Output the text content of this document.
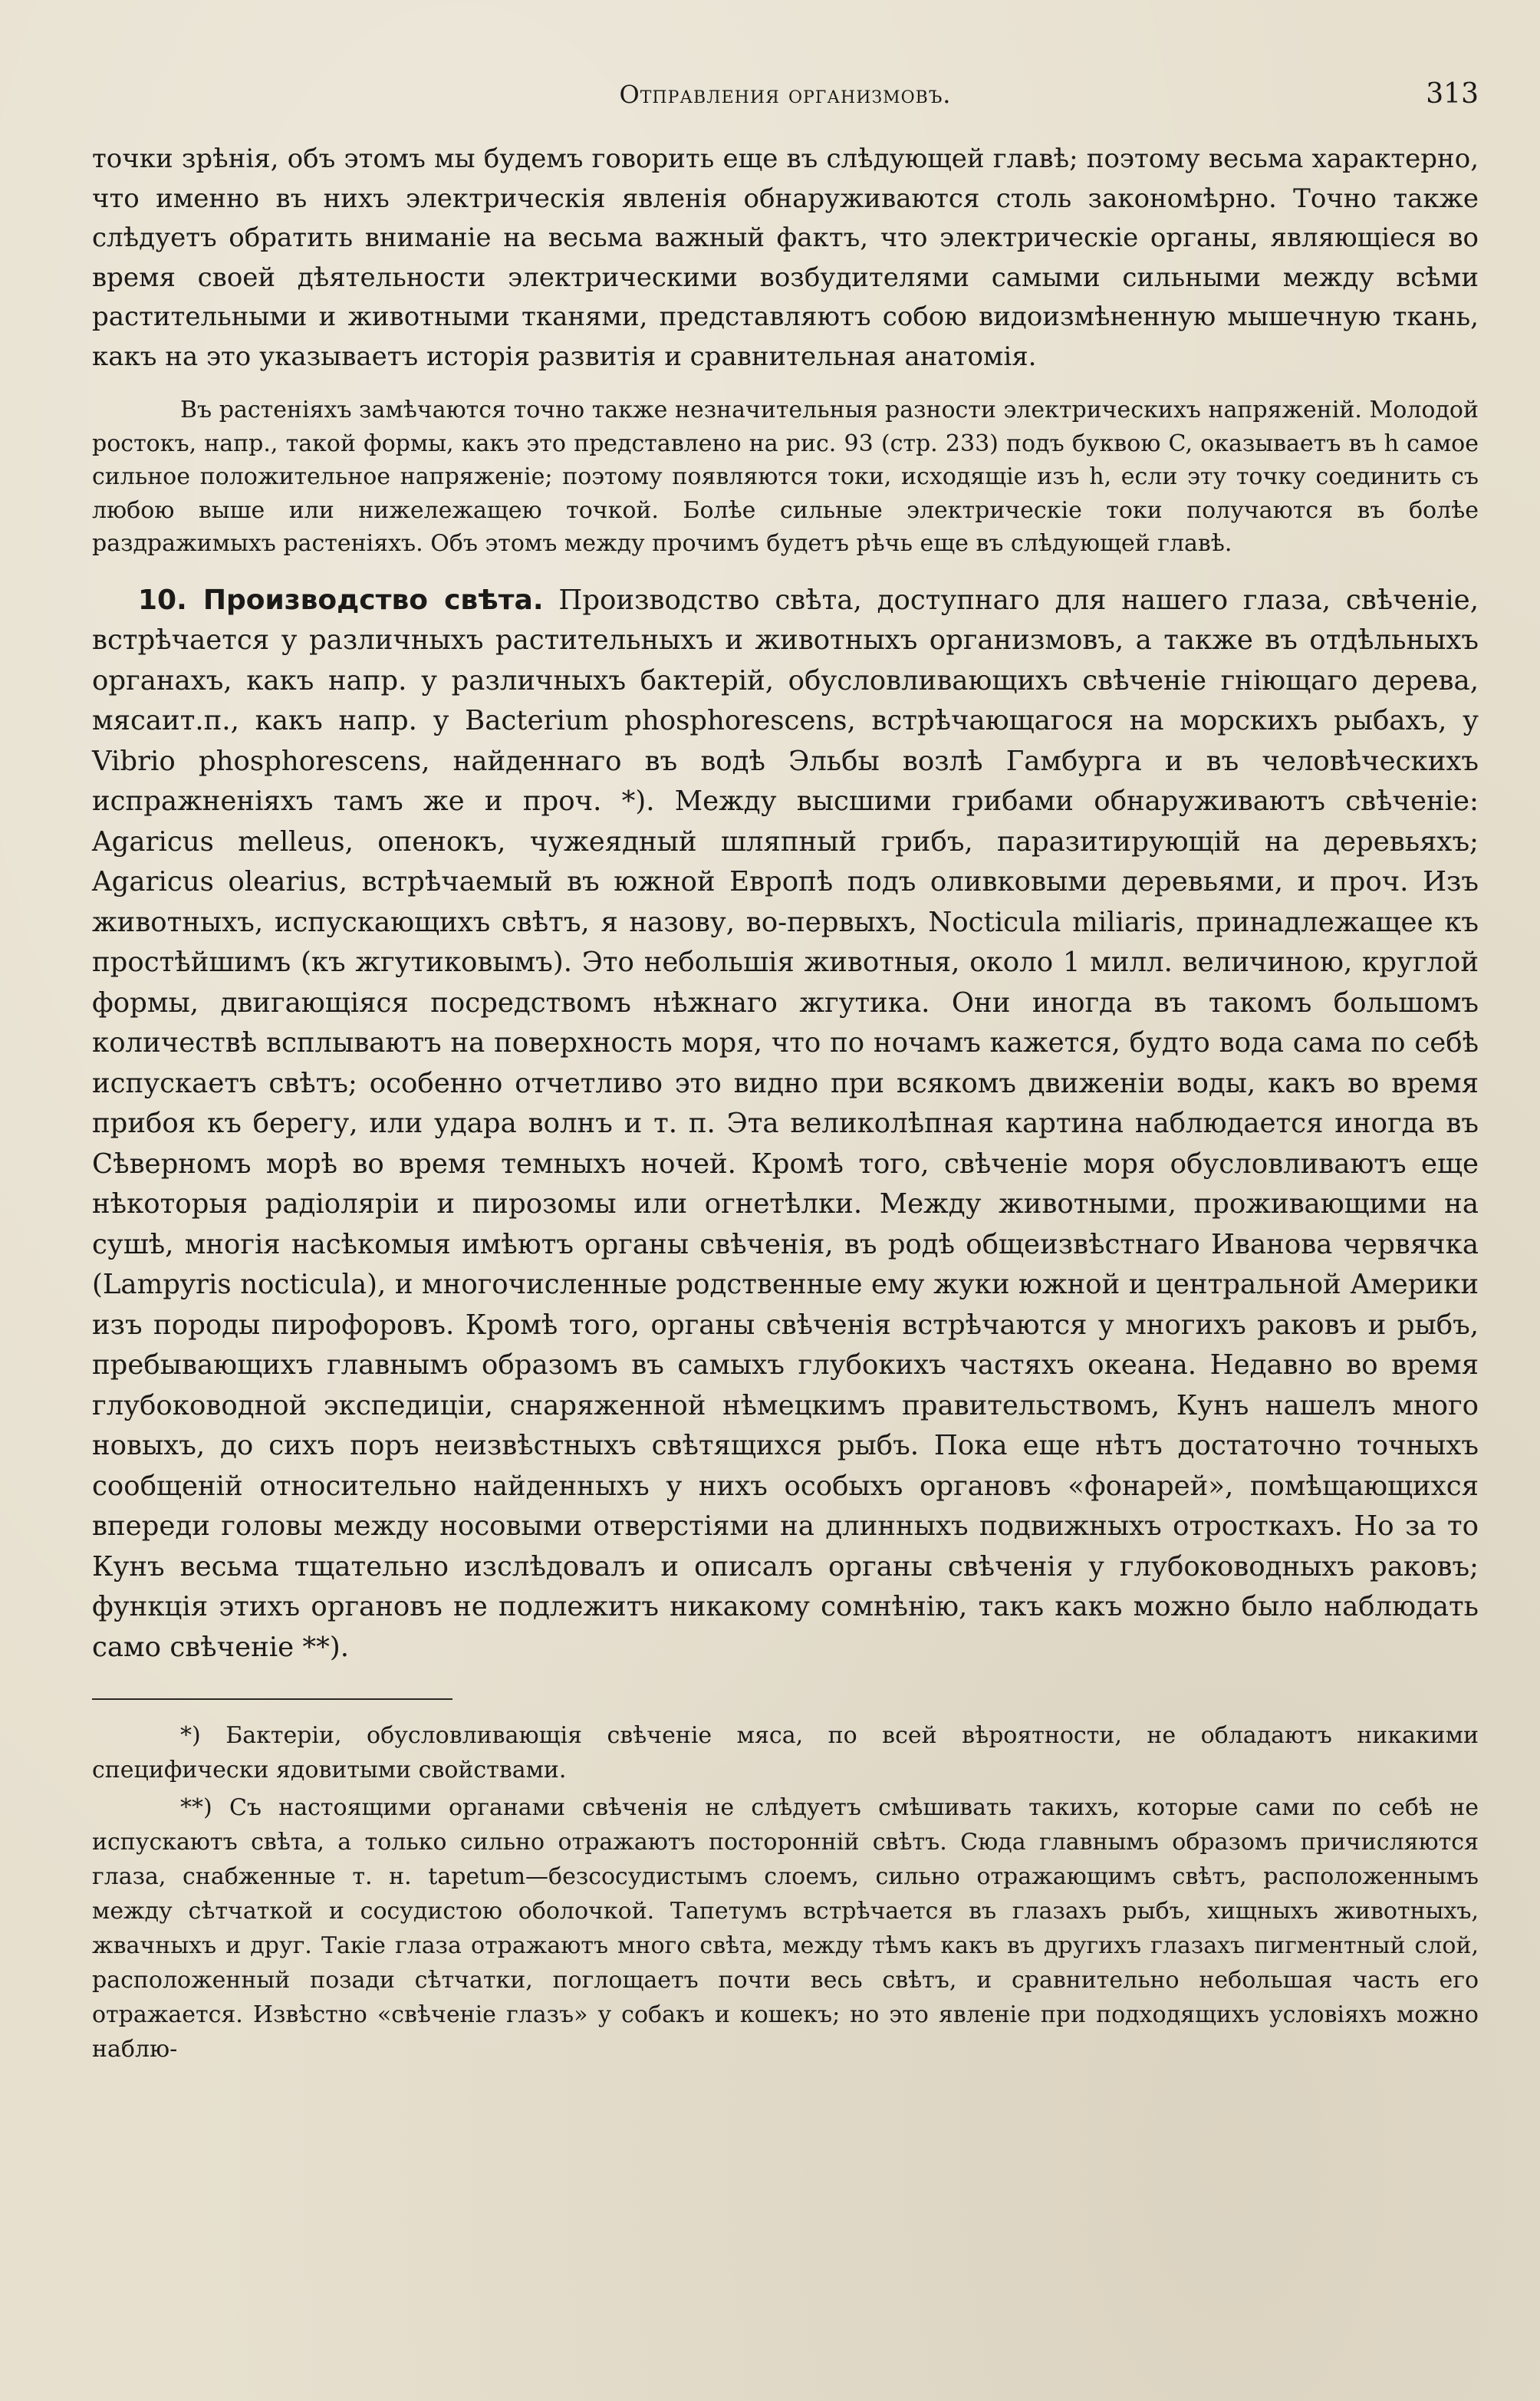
Отправления организмовъ.	313

точки зрѣнія, объ этомъ мы будемъ говорить еще въ слѣдующей главѣ; поэтому весьма характерно, что именно въ нихъ электрическія явленія обнаруживаются столь закономѣрно. Точно также слѣдуетъ обратить вниманіе на весьма важный фактъ, что электрическіе органы, являющіеся во время своей дѣятельности электрическими возбудителями самыми сильными между всѣми растительными и животными тканями, представляютъ собою видоизмѣненную мышечную ткань, какъ на это указываетъ исторія развитія и сравнительная анатомія.

Въ растеніяхъ замѣчаются точно также незначительныя разности электрическихъ напряженій. Молодой ростокъ, напр., такой формы, какъ это представлено на рис. 93 (стр. 233) подъ буквою C, оказываетъ въ h самое сильное положительное напряженіе; поэтому появляются токи, исходящіе изъ h, если эту точку соединить съ любою выше или нижележащею точкой. Болѣе сильные электрическіе токи получаются въ болѣе раздражимыхъ растеніяхъ. Объ этомъ между прочимъ будетъ рѣчь еще въ слѣдующей главѣ.

10. Производство свѣта. Производство свѣта, доступнаго для нашего глаза, свѣченіе, встрѣчается у различныхъ растительныхъ и животныхъ организмовъ, а также въ отдѣльныхъ органахъ, какъ напр. у различныхъ бактерій, обусловливающихъ свѣченіе гніющаго дерева, мясаит.п., какъ напр. у Bacterium phosphorescens, встрѣчающагося на морскихъ рыбахъ, у Vibrio phosphorescens, найденнаго въ водѣ Эльбы возлѣ Гамбурга и въ человѣческихъ испражненіяхъ тамъ же и проч. *). Между высшими грибами обнаруживаютъ свѣченіе: Agaricus melleus, опенокъ, чужеядный шляпный грибъ, паразитирующій на деревьяхъ; Agaricus olearius, встрѣчаемый въ южной Европѣ подъ оливковыми деревьями, и проч. Изъ животныхъ, испускающихъ свѣтъ, я назову, во-первыхъ, Nocticula miliaris, принадлежащее къ простѣйшимъ (къ жгутиковымъ). Это небольшія животныя, около 1 милл. величиною, круглой формы, двигающіяся посредствомъ нѣжнаго жгутика. Они иногда въ такомъ большомъ количествѣ всплываютъ на поверхность моря, что по ночамъ кажется, будто вода сама по себѣ испускаетъ свѣтъ; особенно отчетливо это видно при всякомъ движеніи воды, какъ во время прибоя къ берегу, или удара волнъ и т. п. Эта великолѣпная картина наблюдается иногда въ Сѣверномъ морѣ во время темныхъ ночей. Кромѣ того, свѣченіе моря обусловливаютъ еще нѣкоторыя радіоляріи и пирозомы или огнетѣлки. Между животными, проживающими на сушѣ, многія насѣкомыя имѣютъ органы свѣченія, въ родѣ общеизвѣстнаго Иванова червячка (Lampyris nocticula), и многочисленные родственные ему жуки южной и центральной Америки изъ породы пирофоровъ. Кромѣ того, органы свѣченія встрѣчаются у многихъ раковъ и рыбъ, пребывающихъ главнымъ образомъ въ самыхъ глубокихъ частяхъ океана. Недавно во время глубоководной экспедиціи, снаряженной нѣмецкимъ правительствомъ, Кунъ нашелъ много новыхъ, до сихъ поръ неизвѣстныхъ свѣтящихся рыбъ. Пока еще нѣтъ достаточно точныхъ сообщеній относительно найденныхъ у нихъ особыхъ органовъ «фонарей», помѣщающихся впереди головы между носовыми отверстіями на длинныхъ подвижныхъ отросткахъ. Но за то Кунъ весьма тщательно изслѣдовалъ и описалъ органы свѣченія у глубоководныхъ раковъ; функція этихъ органовъ не подлежитъ никакому сомнѣнію, такъ какъ можно было наблюдать само свѣченіе **).

*) Бактеріи, обусловливающія свѣченіе мяса, по всей вѣроятности, не обладаютъ никакими специфически ядовитыми свойствами.

**) Съ настоящими органами свѣченія не слѣдуетъ смѣшивать такихъ, которые сами по себѣ не испускаютъ свѣта, а только сильно отражаютъ посторонній свѣтъ. Сюда главнымъ образомъ причисляются глаза, снабженные т. н. tapetum—безсосудистымъ слоемъ, сильно отражающимъ свѣтъ, расположеннымъ между сѣтчаткой и сосудистою оболочкой. Тапетумъ встрѣчается въ глазахъ рыбъ, хищныхъ животныхъ, жвачныхъ и друг. Такіе глаза отражаютъ много свѣта, между тѣмъ какъ въ другихъ глазахъ пигментный слой, расположенный позади сѣтчатки, поглощаетъ почти весь свѣтъ, и сравнительно небольшая часть его отражается. Извѣстно «свѣченіе глазъ» у собакъ и кошекъ; но это явленіе при подходящихъ условіяхъ можно наблю-
